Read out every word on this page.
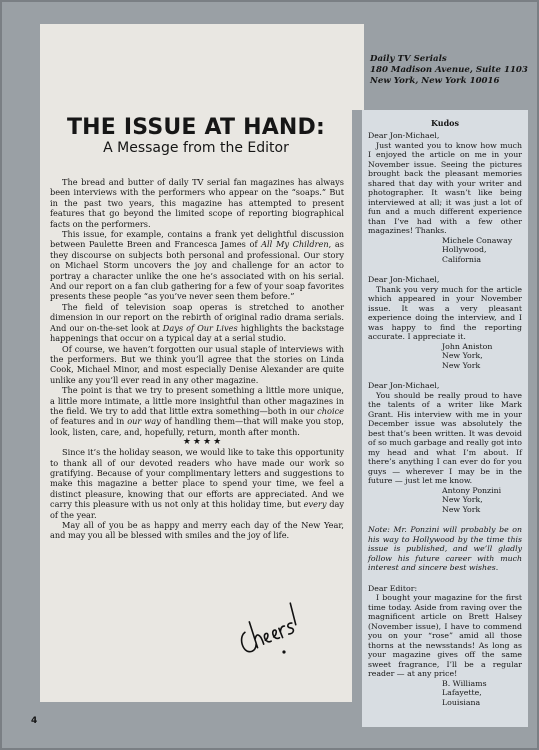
THE ISSUE AT HAND:
A Message from the Editor

The bread and butter of daily TV serial fan magazines has always been interviews with the performers who appear on the “soaps.” But in the past two years, this magazine has attempted to present features that go beyond the limited scope of reporting biographical facts on the performers.

This issue, for example, contains a frank yet delightful discussion between Paulette Breen and Francesca James of All My Children, as they discourse on subjects both personal and professional. Our story on Michael Storm uncovers the joy and challenge for an actor to portray a character unlike the one he’s associated with on his serial. And our report on a fan club gathering for a few of your soap favorites presents these people “as you’ve never seen them before.”

The field of television soap operas is stretched to another dimension in our report on the rebirth of original radio drama serials. And our on-the-set look at Days of Our Lives highlights the backstage happenings that occur on a typical day at a serial studio.

Of course, we haven’t forgotten our usual staple of interviews with the performers. But we think you’ll agree that the stories on Linda Cook, Michael Minor, and most especially Denise Alexander are quite unlike any you’ll ever read in any other magazine.

The point is that we try to present something a little more unique, a little more intimate, a little more insightful than other magazines in the field. We try to add that little extra something—both in our choice of features and in our way of handling them—that will make you stop, look, listen, care, and, hopefully, return, month after month.

★★★★

Since it’s the holiday season, we would like to take this opportunity to thank all of our devoted readers who have made our work so gratifying. Because of your complimentary letters and suggestions to make this magazine a better place to spend your time, we feel a distinct pleasure, knowing that our efforts are appreciated. And we carry this pleasure with us not only at this holiday time, but every day of the year.

May all of you be as happy and merry each day of the New Year, and may you all be blessed with smiles and the joy of life.

Daily TV Serials
180 Madison Avenue, Suite 1103
New York, New York 10016
Kudos

Dear Jon-Michael,

Just wanted you to know how much I enjoyed the article on me in your November issue. Seeing the pictures brought back the pleasant memories shared that day with your writer and photographer. It wasn’t like being interviewed at all; it was just a lot of fun and a much different experience than I’ve had with a few other magazines! Thanks.

Michele Conaway

Hollywood,

California

Dear Jon-Michael,

Thank you very much for the article which appeared in your November issue. It was a very pleasant experience doing the interview, and I was happy to find the reporting accurate. I appreciate it.

John Aniston

New York,

New York

Dear Jon-Michael,

You should be really proud to have the talents of a writer like Mark Grant. His interview with me in your December issue was absolutely the best that’s been written. It was devoid of so much garbage and really got into my head and what I’m about. If there’s anything I can ever do for you guys — wherever I may be in the future — just let me know.

Antony Ponzini

New York,

New York

Note: Mr. Ponzini will probably be on his way to Hollywood by the time this issue is published, and we’ll gladly follow his future career with much interest and sincere best wishes.

Dear Editor:

I bought your magazine for the first time today. Aside from raving over the magnificent article on Brett Halsey (November issue), I have to commend you on your “rose” amid all those thorns at the newsstands! As long as your magazine gives off the same sweet fragrance, I’ll be a regular reader — at any price!

B. Williams

Lafayette,

Louisiana

4
